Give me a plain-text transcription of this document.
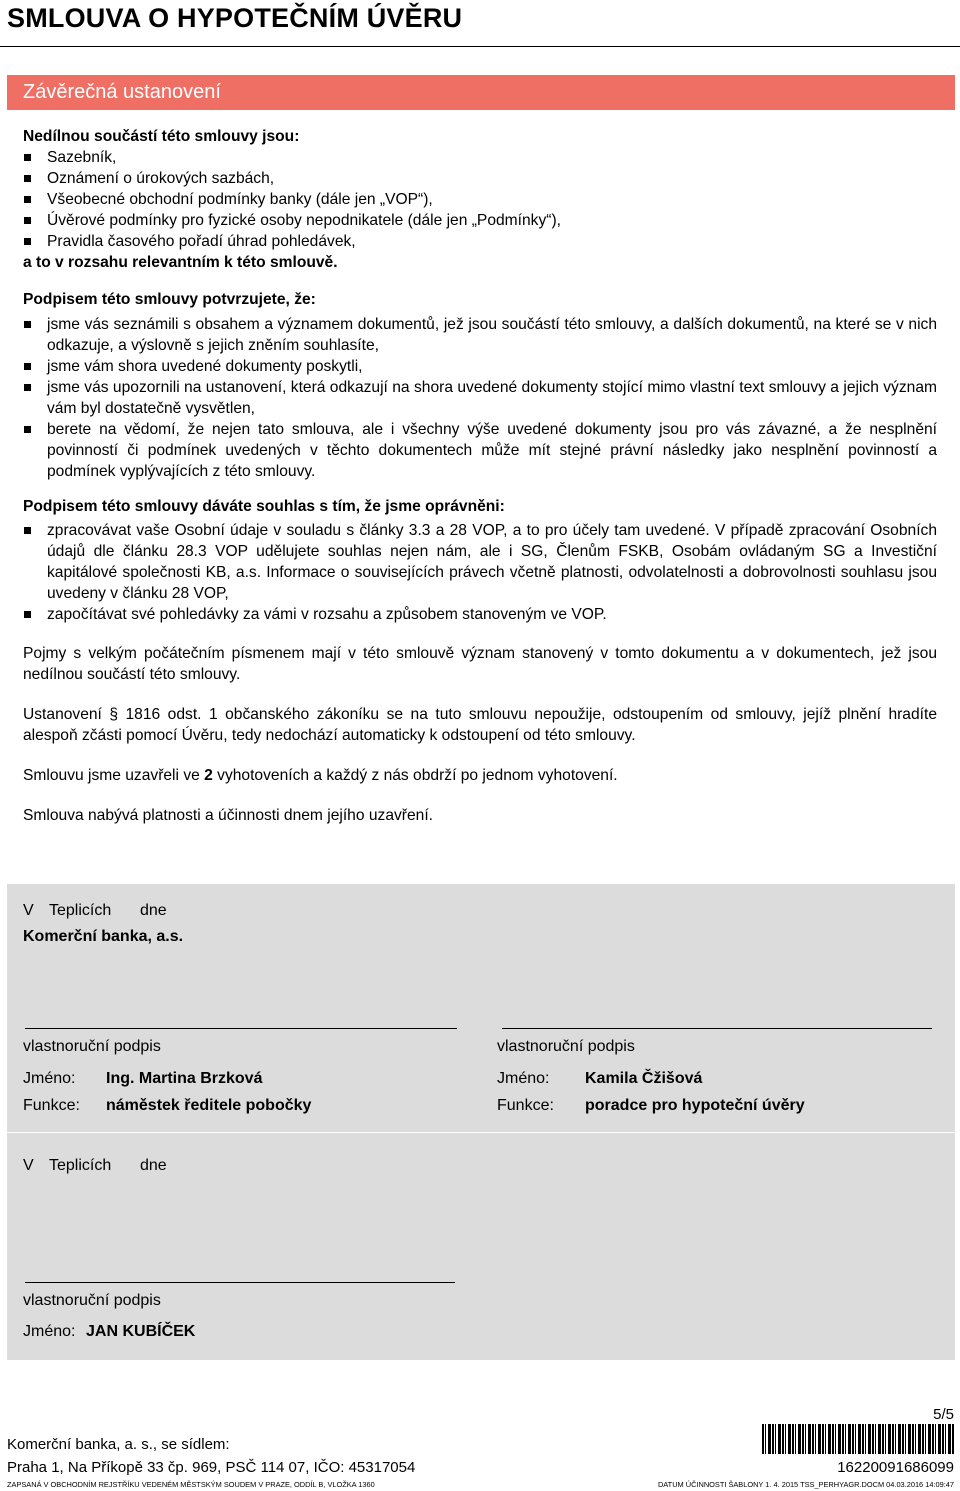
SMLOUVA O HYPOTEČNÍM ÚVĚRU
Závěrečná ustanovení

Nedílnou součástí této smlouvy jsou:

Sazebník,
Oznámení o úrokových sazbách,
Všeobecné obchodní podmínky banky (dále jen „VOP“),
Úvěrové podmínky pro fyzické osoby nepodnikatele (dále jen „Podmínky“),
Pravidla časového pořadí úhrad pohledávek,

a to v rozsahu relevantním k této smlouvě.

Podpisem této smlouvy potvrzujete, že:

jsme vás seznámili s obsahem a významem dokumentů, jež jsou součástí této smlouvy, a dalších dokumentů, na které se v nich odkazuje, a výslovně s jejich zněním souhlasíte,
jsme vám shora uvedené dokumenty poskytli,
jsme vás upozornili na ustanovení, která odkazují na shora uvedené dokumenty stojící mimo vlastní text smlouvy a jejich význam vám byl dostatečně vysvětlen,
berete na vědomí, že nejen tato smlouva, ale i všechny výše uvedené dokumenty jsou pro vás závazné, a že nesplnění povinností či podmínek uvedených v těchto dokumentech může mít stejné právní následky jako nesplnění povinností a podmínek vyplývajících z této smlouvy.

Podpisem této smlouvy dáváte souhlas s tím, že jsme oprávněni:

zpracovávat vaše Osobní údaje v souladu s články 3.3 a 28 VOP, a to pro účely tam uvedené. V případě zpracování Osobních údajů dle článku 28.3 VOP udělujete souhlas nejen nám, ale i SG, Členům FSKB, Osobám ovládaným SG a Investiční kapitálové společnosti KB, a.s. Informace o souvisejících právech včetně platnosti, odvolatelnosti a dobrovolnosti souhlasu jsou uvedeny v článku 28 VOP,
započítávat své pohledávky za vámi v rozsahu a způsobem stanoveným ve VOP.

Pojmy s velkým počátečním písmenem mají v této smlouvě význam stanovený v tomto dokumentu a v dokumentech, jež jsou nedílnou součástí této smlouvy.

Ustanovení § 1816 odst. 1 občanského zákoníku se na tuto smlouvu nepoužije, odstoupením od smlouvy, jejíž plnění hradíte alespoň zčásti pomocí Úvěru, tedy nedochází automaticky k odstoupení od této smlouvy.

Smlouvu jsme uzavřeli ve 2 vyhotoveních a každý z nás obdrží po jednom vyhotovení.

Smlouva nabývá platnosti a účinnosti dnem jejího uzavření.

V Teplicích dne
Komerční banka, a.s.
vlastnoruční podpis
Jméno: Ing. Martina Brzková
Funkce: náměstek ředitele pobočky
vlastnoruční podpis
Jméno: Kamila Čžišová
Funkce: poradce pro hypoteční úvěry
V Teplicích dne
vlastnoruční podpis
Jméno: JAN KUBÍČEK
5/5
Komerční banka, a. s., se sídlem:
Praha 1, Na Příkopě 33 čp. 969, PSČ 114 07, IČO: 45317054	16220091686099
ZAPSANÁ V OBCHODNÍM REJSTŘÍKU VEDENÉM MĚSTSKÝM SOUDEM V PRAZE, ODDÍL B, VLOŽKA 1360	DATUM ÚČINNOSTI ŠABLONY 1. 4. 2015 TSS_PERHYAGR.DOCM 04.03.2016 14:09:47
